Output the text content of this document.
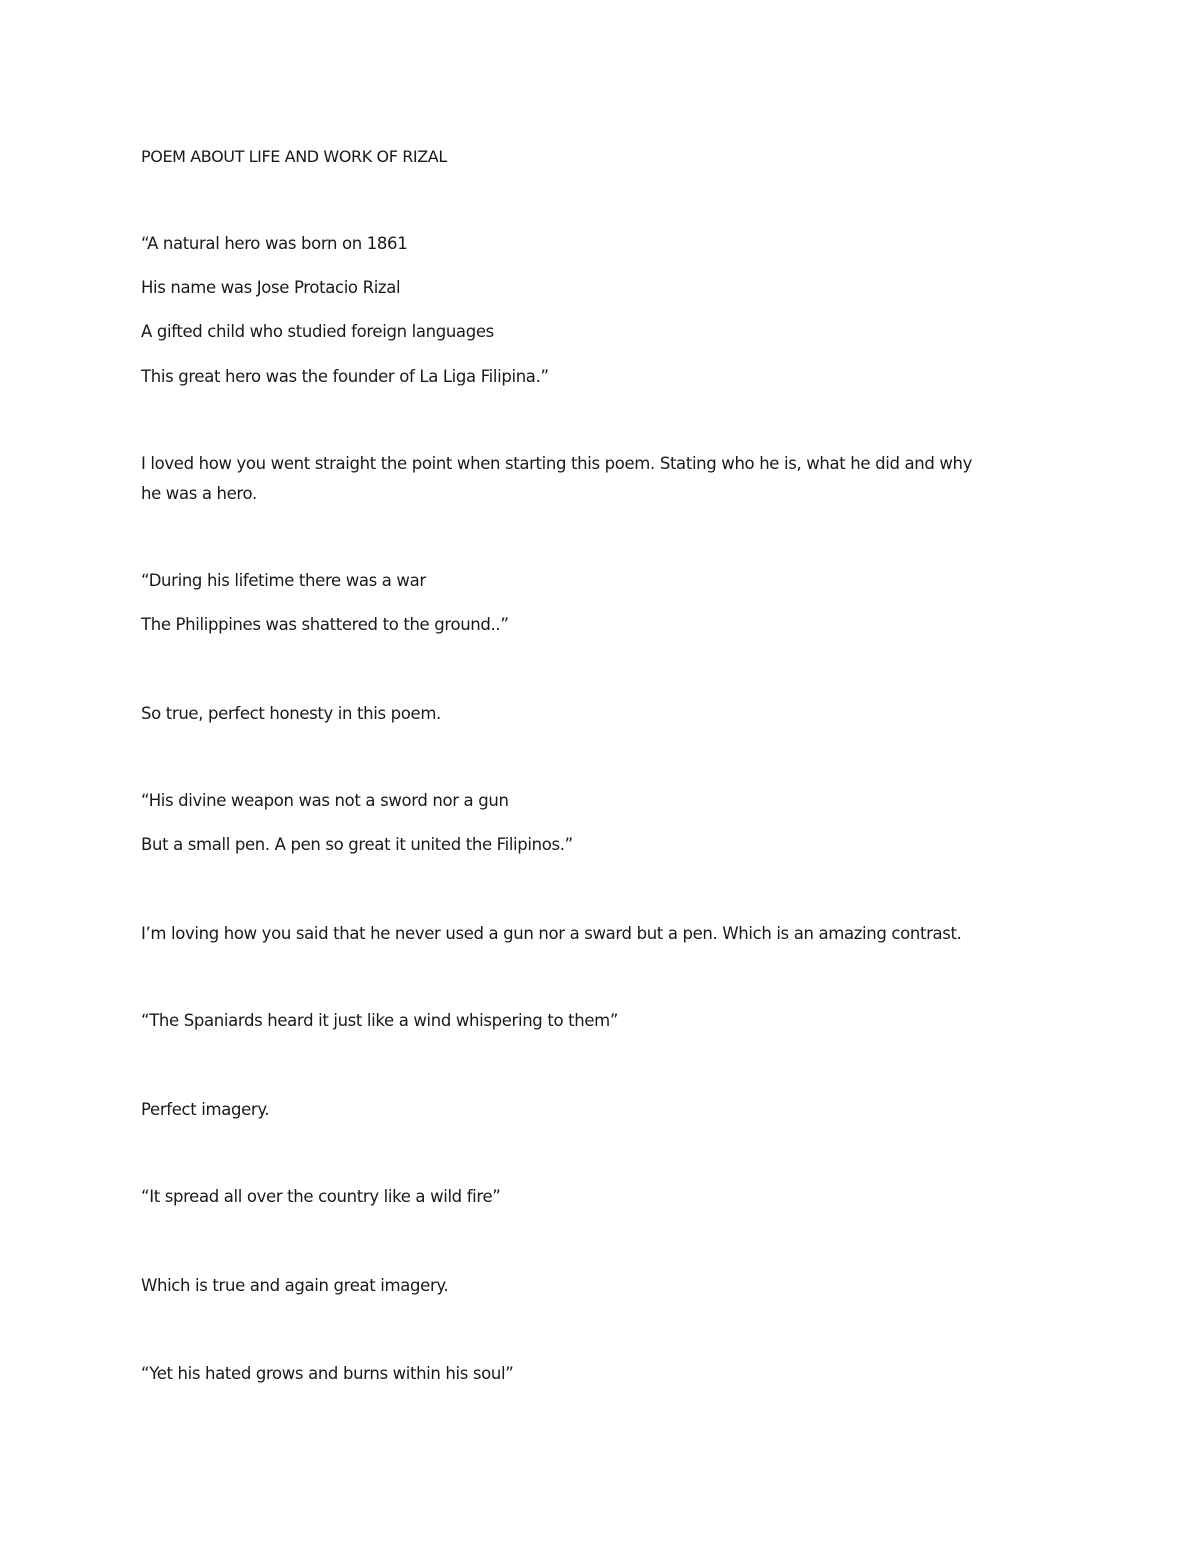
POEM ABOUT LIFE AND WORK OF RIZAL

“A natural hero was born on 1861

His name was Jose Protacio Rizal

A gifted child who studied foreign languages

This great hero was the founder of La Liga Filipina.”

I loved how you went straight the point when starting this poem. Stating who he is, what he did and why

he was a hero.

“During his lifetime there was a war

The Philippines was shattered to the ground..”

So true, perfect honesty in this poem.

“His divine weapon was not a sword nor a gun

But a small pen. A pen so great it united the Filipinos.”

I’m loving how you said that he never used a gun nor a sward but a pen. Which is an amazing contrast.

“The Spaniards heard it just like a wind whispering to them”

Perfect imagery.

“It spread all over the country like a wild fire”

Which is true and again great imagery.

“Yet his hated grows and burns within his soul”
